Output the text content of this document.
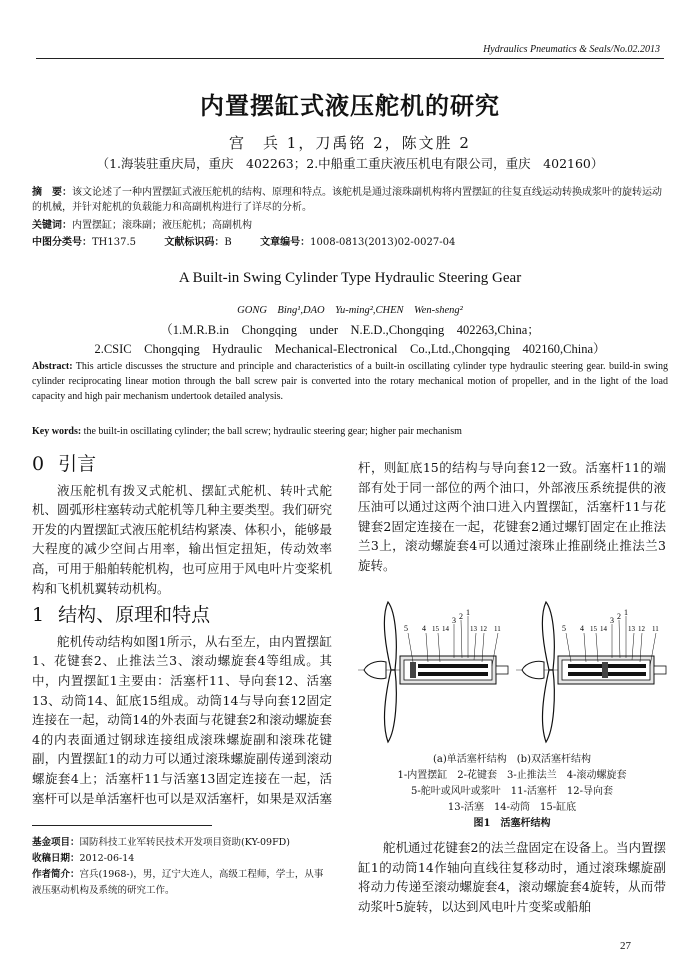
Hydraulics Pneumatics & Seals/No.02.2013
内置摆缸式液压舵机的研究
宫　兵 1，刀禹铭 2，陈文胜 2
（1.海装驻重庆局，重庆　402263；2.中船重工重庆液压机电有限公司，重庆　402160）
摘　要：该文论述了一种内置摆缸式液压舵机的结构、原理和特点。该舵机是通过滚珠副机构将内置摆缸的往复直线运动转换成浆叶的旋转运动的机械，并针对舵机的负载能力和高副机构进行了详尽的分析。
关键词：内置摆缸；滚珠副；液压舵机；高副机构
中图分类号：TH137.5	文献标识码：B	文章编号：1008-0813(2013)02-0027-04
A Built-in Swing Cylinder Type Hydraulic Steering Gear
GONG　Bing¹,DAO　Yu-ming²,CHEN　Wen-sheng²
（1.M.R.B.in　Chongqing　under　N.E.D.,Chongqing　402263,China；
2.CSIC　Chongqing　Hydraulic　Mechanical-Electronical　Co.,Ltd.,Chongqing　402160,China）
Abstract: This article discusses the structure and principle and characteristics of a built-in oscillating cylinder type hydraulic steering gear. build-in swing cylinder reciprocating linear motion through the ball screw pair is converted into the rotary mechanical motion of propeller, and in the light of the load capacity and high pair mechanism undertook detailed analysis.
Key words: the built-in oscillating cylinder; the ball screw; hydraulic steering gear; higher pair mechanism
0 引言

液压舵机有拨叉式舵机、摆缸式舵机、转叶式舵机、圆弧形柱塞转动式舵机等几种主要类型。我们研究开发的内置摆缸式液压舵机结构紧凑、体积小，能够最大程度的减少空间占用率，输出恒定扭矩，传动效率高，可用于船舶转舵机构，也可应用于风电叶片变桨机构和飞机机翼转动机构。

1 结构、原理和特点

舵机传动结构如图1所示，从右至左，由内置摆缸1、花键套2、止推法兰3、滚动螺旋套4等组成。其中，内置摆缸1主要由：活塞杆11、导向套12、活塞13、动筒14、缸底15组成。动筒14与导向套12固定连接在一起，动筒14的外表面与花键套2和滚动螺旋套4的内表面通过钢球连接组成滚珠螺旋副和滚珠花键副，内置摆缸1的动力可以通过滚珠螺旋副传递到滚动螺旋套4上；活塞杆11与活塞13固定连接在一起，活塞杆可以是单活塞杆也可以是双活塞杆，如果是双活塞

基金项目：国防科技工业军转民技术开发项目资助(KY-09FD)
收稿日期：2012-06-14
作者简介：宫兵(1968-)，男，辽宁大连人，高级工程师，学士，从事液压驱动机构及系统的研究工作。

杆，则缸底15的结构与导向套12一致。活塞杆11的端部有处于同一部位的两个油口，外部液压系统提供的液压油可以通过这两个油口进入内置摆缸，活塞杆11与花键套2固定连接在一起，花键套2通过螺钉固定在止推法兰3上，滚动螺旋套4可以通过滚珠止推副绕止推法兰3旋转。

5 4 15 14
3 2 1
13 12 11	5 4 15 14
3 2 1
13 12 11
(a)单活塞杆结构 (b)双活塞杆结构
1-内置摆缸　2-花键套　3-止推法兰　4-滚动螺旋套
5-舵叶或风叶或浆叶　11-活塞杆　12-导向套
13-活塞　14-动筒　15-缸底
图1　活塞杆结构

舵机通过花键套2的法兰盘固定在设备上。当内置摆缸1的动筒14作轴向直线往复移动时，通过滚珠螺旋副将动力传递至滚动螺旋套4，滚动螺旋套4旋转，从而带动浆叶5旋转，以达到风电叶片变桨或船舶

27
